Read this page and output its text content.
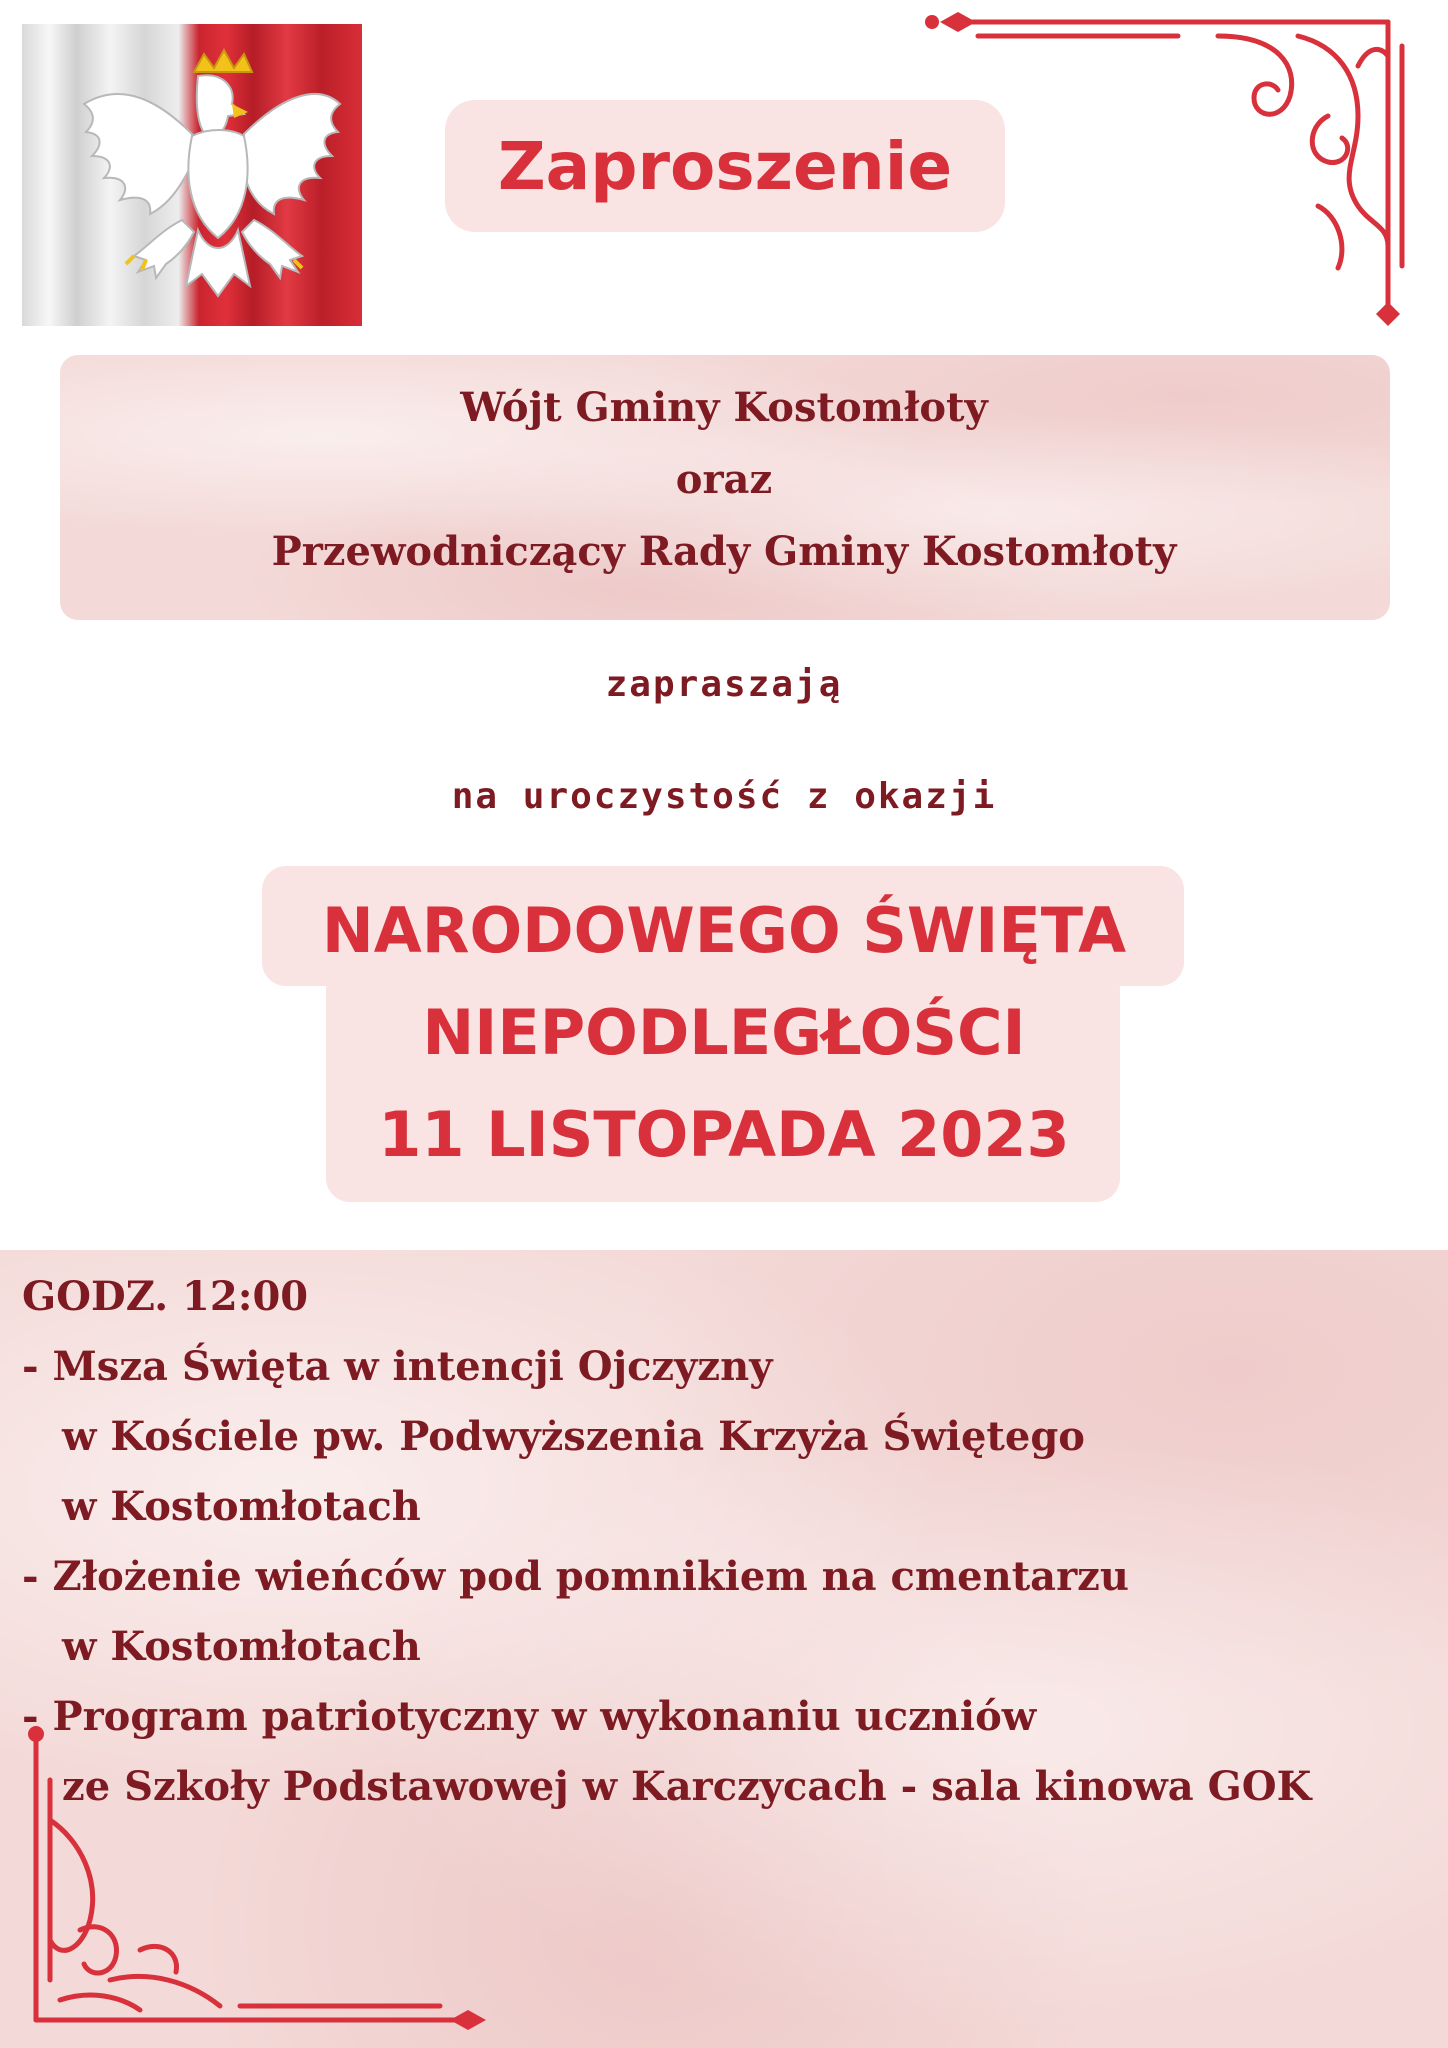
Zaproszenie
Wójt Gminy Kostomłoty
oraz
Przewodniczący Rady Gminy Kostomłoty
zapraszają
na uroczystość z okazji
NARODOWEGO ŚWIĘTA
NIEPODLEGŁOŚCI
11 LISTOPADA 2023
GODZ. 12:00
- Msza Święta w intencji Ojczyzny
w Kościele pw. Podwyższenia Krzyża Świętego
w Kostomłotach
- Złożenie wieńców pod pomnikiem na cmentarzu
w Kostomłotach
- Program patriotyczny w wykonaniu uczniów
ze Szkoły Podstawowej w Karczycach - sala kinowa GOK
